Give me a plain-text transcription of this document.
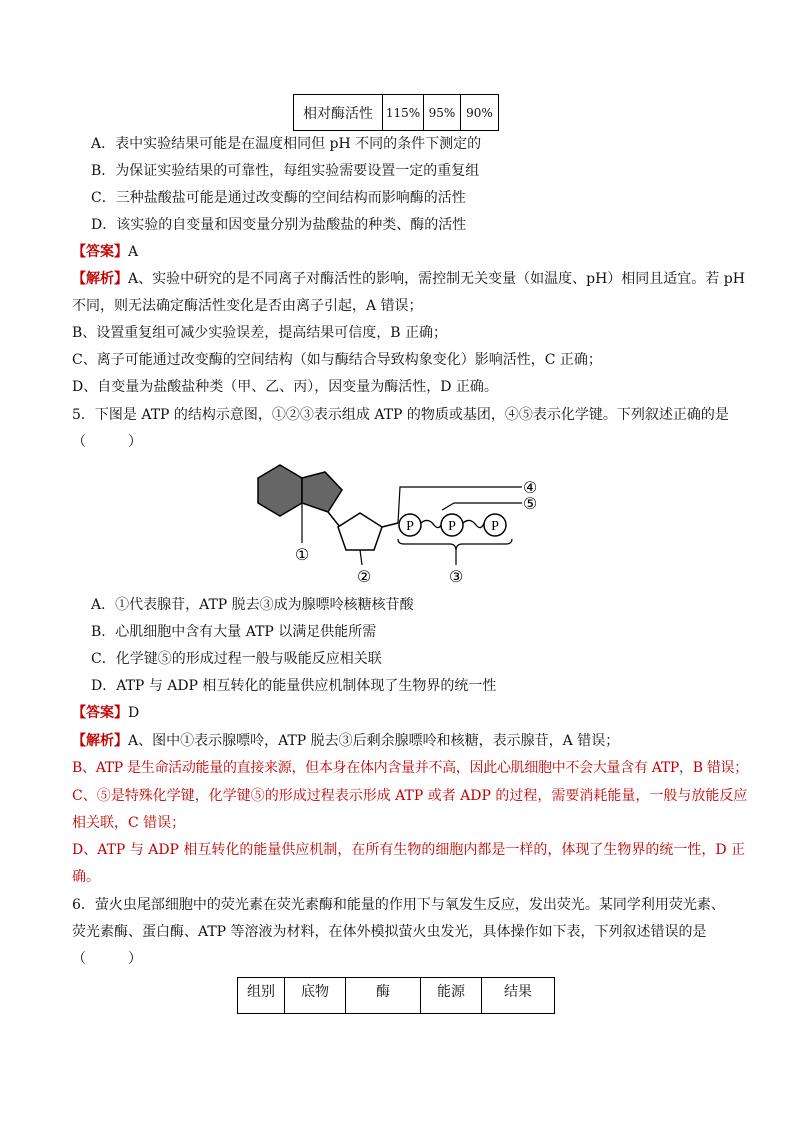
相对酶活性	115%	95%	90%
A．表中实验结果可能是在温度相同但 pH 不同的条件下测定的
B．为保证实验结果的可靠性，每组实验需要设置一定的重复组
C．三种盐酸盐可能是通过改变酶的空间结构而影响酶的活性
D．该实验的自变量和因变量分别为盐酸盐的种类、酶的活性
【答案】A
【解析】A、实验中研究的是不同离子对酶活性的影响，需控制无关变量（如温度、pH）相同且适宜。若 pH
不同，则无法确定酶活性变化是否由离子引起，A 错误；
B、设置重复组可减少实验误差，提高结果可信度，B 正确；
C、离子可能通过改变酶的空间结构（如与酶结合导致构象变化）影响活性，C 正确；
D、自变量为盐酸盐种类（甲、乙、丙），因变量为酶活性，D 正确。
5．下图是 ATP 的结构示意图，①②③表示组成 ATP 的物质或基团，④⑤表示化学键。下列叙述正确的是
（　　　）
P P	P
①
②	③
④
⑤
A．①代表腺苷，ATP 脱去③成为腺嘌呤核糖核苷酸
B．心肌细胞中含有大量 ATP 以满足供能所需
C．化学键⑤的形成过程一般与吸能反应相关联
D．ATP 与 ADP 相互转化的能量供应机制体现了生物界的统一性
【答案】D
【解析】A、图中①表示腺嘌呤，ATP 脱去③后剩余腺嘌呤和核糖，表示腺苷，A 错误；
B、ATP 是生命活动能量的直接来源，但本身在体内含量并不高，因此心肌细胞中不会大量含有 ATP，B 错误；
C、⑤是特殊化学键，化学键⑤的形成过程表示形成 ATP 或者 ADP 的过程，需要消耗能量，一般与放能反应
相关联，C 错误；
D、ATP 与 ADP 相互转化的能量供应机制，在所有生物的细胞内都是一样的，体现了生物界的统一性，D 正
确。
6．萤火虫尾部细胞中的荧光素在荧光素酶和能量的作用下与氧发生反应，发出荧光。某同学利用荧光素、
荧光素酶、蛋白酶、ATP 等溶液为材料，在体外模拟萤火虫发光，具体操作如下表，下列叙述错误的是
（　　　）
组别	底物	酶	能源	结果
